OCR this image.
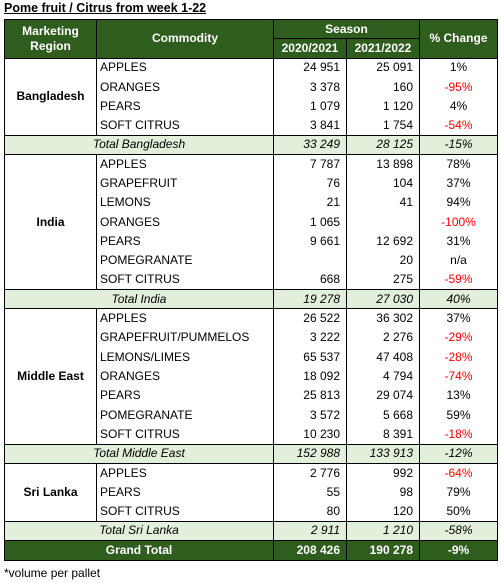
Pome fruit / Citrus from week 1-22
Marketing Region	Commodity	Season		% Change
		2020/2021	2021/2022	
Bangladesh	APPLES	24 951	25 091	1%
	ORANGES	3 378	160	-95%
	PEARS	1 079	1 120	4%
	SOFT CITRUS	3 841	1 754	-54%
Total Bangladesh		33 249	28 125	-15%
India	APPLES	7 787	13 898	78%
	GRAPEFRUIT	76	104	37%
	LEMONS	21	41	94%
	ORANGES	1 065		-100%
	PEARS	9 661	12 692	31%
	POMEGRANATE		20	n/a
	SOFT CITRUS	668	275	-59%
Total India		19 278	27 030	40%
Middle East	APPLES	26 522	36 302	37%
	GRAPEFRUIT/PUMMELOS	3 222	2 276	-29%
	LEMONS/LIMES	65 537	47 408	-28%
	ORANGES	18 092	4 794	-74%
	PEARS	25 813	29 074	13%
	POMEGRANATE	3 572	5 668	59%
	SOFT CITRUS	10 230	8 391	-18%
Total Middle East		152 988	133 913	-12%
Sri Lanka	APPLES	2 776	992	-64%
	PEARS	55	98	79%
	SOFT CITRUS	80	120	50%
Total Sri Lanka		2 911	1 210	-58%
Grand Total		208 426	190 278	-9%
*volume per pallet
